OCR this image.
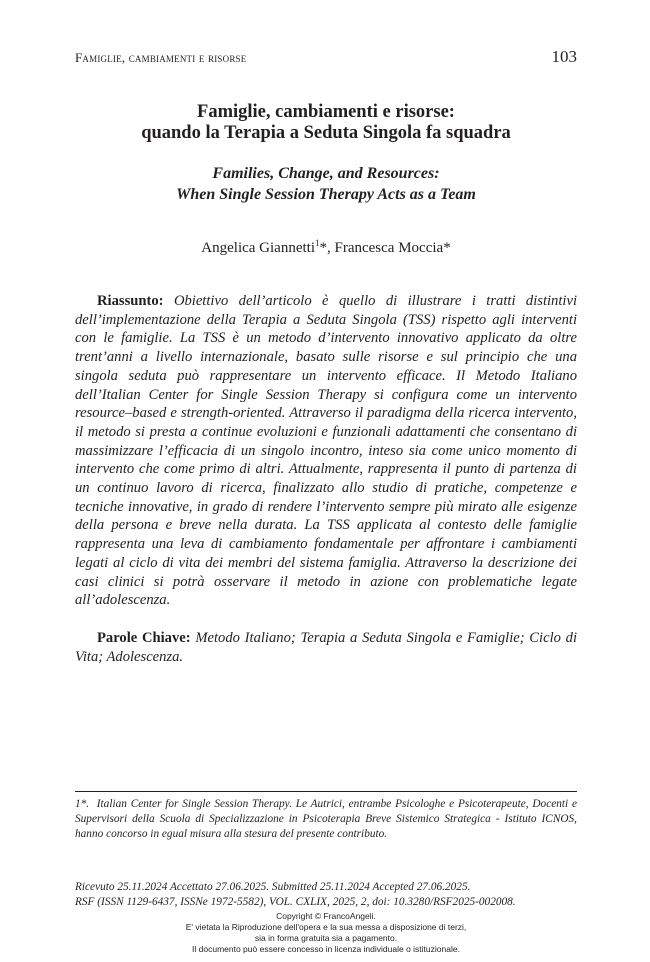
Famiglie, cambiamenti e risorse	103
Famiglie, cambiamenti e risorse:
quando la Terapia a Seduta Singola fa squadra
Families, Change, and Resources:
When Single Session Therapy Acts as a Team
Angelica Giannetti$^1$*, Francesca Moccia*

Riassunto: Obiettivo dell’articolo è quello di illustrare i tratti distintivi dell’implementazione della Terapia a Seduta Singola (TSS) rispetto agli interventi con le famiglie. La TSS è un metodo d’intervento innovativo applicato da oltre trent’anni a livello internazionale, basato sulle risorse e sul principio che una singola seduta può rappresentare un intervento efficace. Il Metodo Italiano dell’Italian Center for Single Session Therapy si configura come un intervento resource–based e strength-oriented. Attraverso il paradigma della ricerca intervento, il metodo si presta a continue evoluzioni e funzionali adattamenti che consentano di massimizzare l’efficacia di un singolo incontro, inteso sia come unico momento di intervento che come primo di altri. Attualmente, rappresenta il punto di partenza di un continuo lavoro di ricerca, finalizzato allo studio di pratiche, competenze e tecniche innovative, in grado di rendere l’intervento sempre più mirato alle esigenze della persona e breve nella durata. La TSS applicata al contesto delle famiglie rappresenta una leva di cambiamento fondamentale per affrontare i cambiamenti legati al ciclo di vita dei membri del sistema famiglia. Attraverso la descrizione dei casi clinici si potrà osservare il metodo in azione con problematiche legate all’adolescenza.

Parole Chiave: Metodo Italiano; Terapia a Seduta Singola e Famiglie; Ciclo di Vita; Adolescenza.

1*. Italian Center for Single Session Therapy. Le Autrici, entrambe Psicologhe e Psicoterapeute, Docenti e Supervisori della Scuola di Specializzazione in Psicoterapia Breve Sistemico Strategica - Istituto ICNOS, hanno concorso in egual misura alla stesura del presente contributo.
Ricevuto 25.11.2024 Accettato 27.06.2025. Submitted 25.11.2024 Accepted 27.06.2025.
RSF (ISSN 1129-6437, ISSNe 1972-5582), VOL. CXLIX, 2025, 2, doi: 10.3280/RSF2025-002008.
Copyright © FrancoAngeli.
E' vietata la Riproduzione dell'opera e la sua messa a disposizione di terzi,
sia in forma gratuita sia a pagamento.
Il documento può essere concesso in licenza individuale o istituzionale.
